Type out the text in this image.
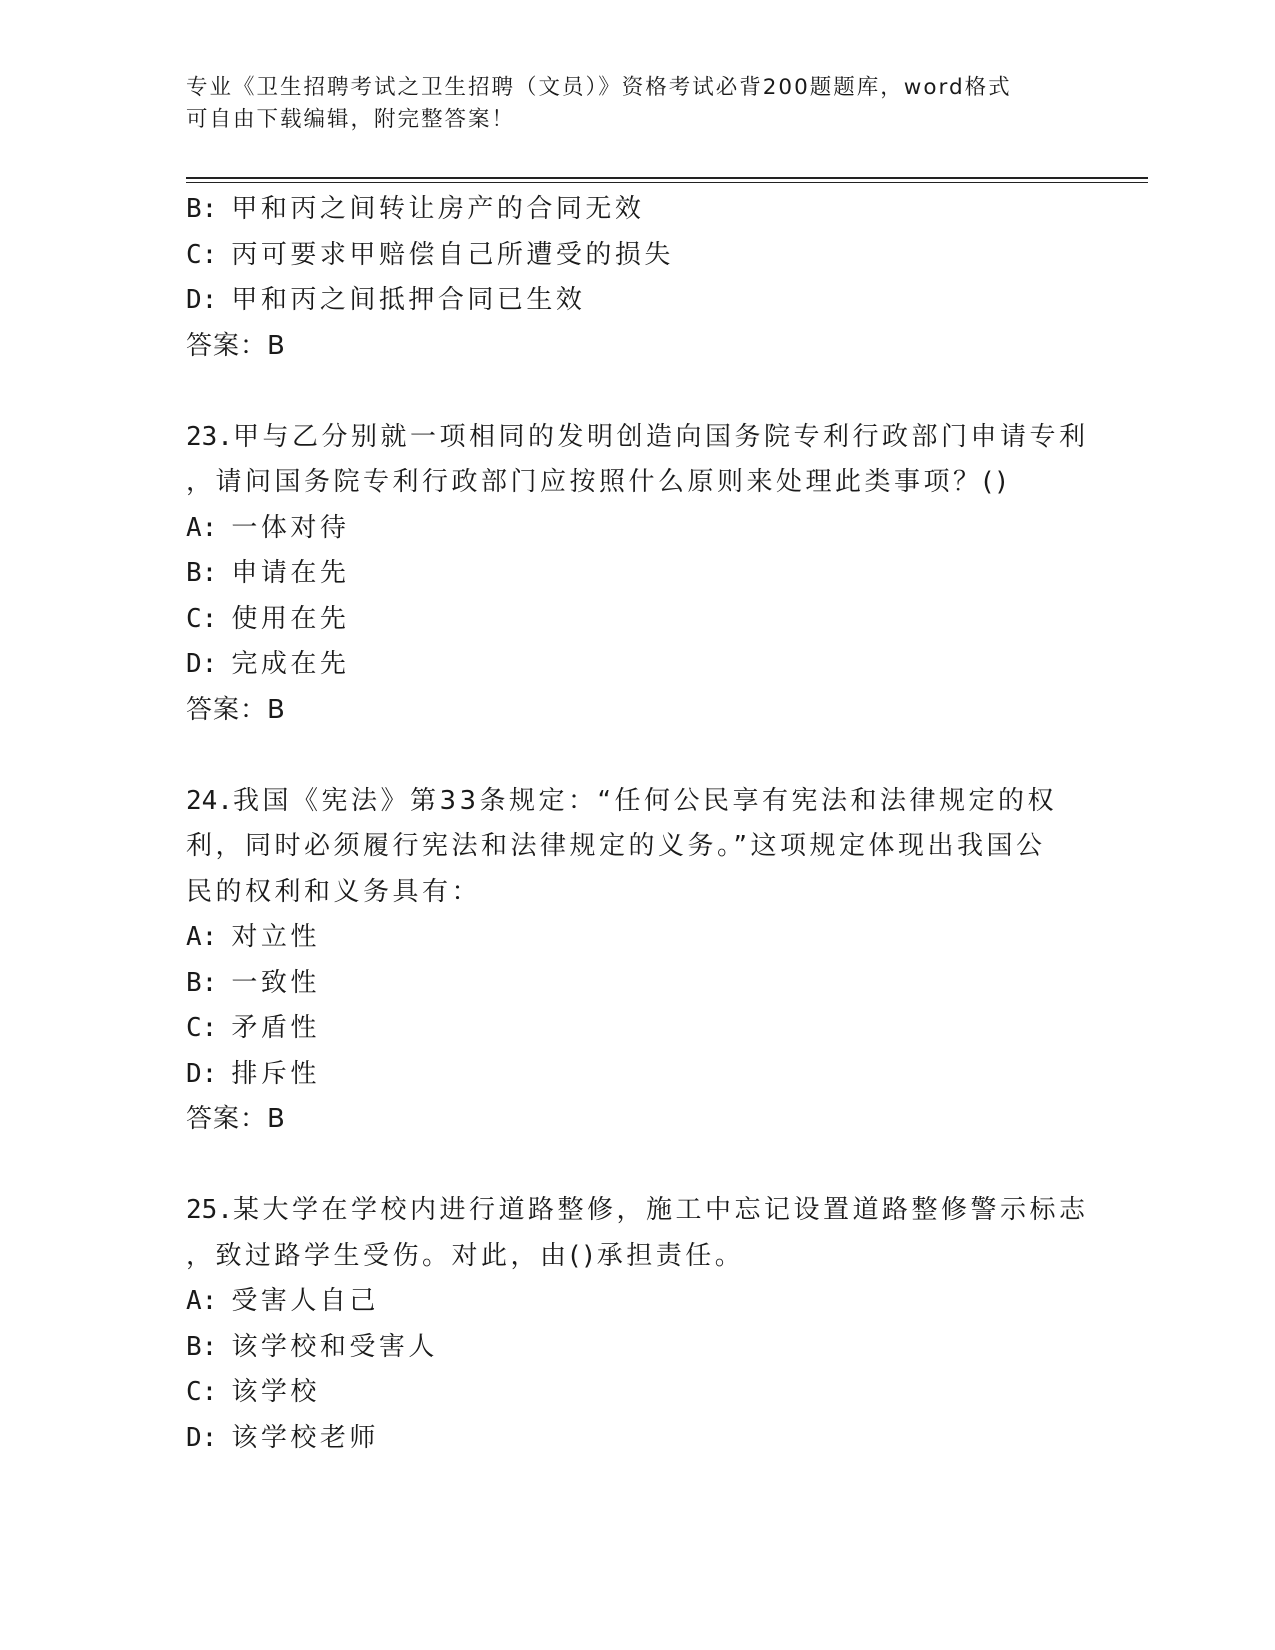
专业《卫生招聘考试之卫生招聘（文员）》资格考试必背200题题库，word格式
可自由下载编辑，附完整答案！
B: 甲和丙之间转让房产的合同无效
C: 丙可要求甲赔偿自己所遭受的损失
D: 甲和丙之间抵押合同已生效
答案：B
23.甲与乙分别就一项相同的发明创造向国务院专利行政部门申请专利
，请问国务院专利行政部门应按照什么原则来处理此类事项？()
A: 一体对待
B: 申请在先
C: 使用在先
D: 完成在先
答案：B
24.我国《宪法》第33条规定：“任何公民享有宪法和法律规定的权
利，同时必须履行宪法和法律规定的义务。”这项规定体现出我国公
民的权利和义务具有：
A: 对立性
B: 一致性
C: 矛盾性
D: 排斥性
答案：B
25.某大学在学校内进行道路整修，施工中忘记设置道路整修警示标志
，致过路学生受伤。对此，由()承担责任。
A: 受害人自己
B: 该学校和受害人
C: 该学校
D: 该学校老师
